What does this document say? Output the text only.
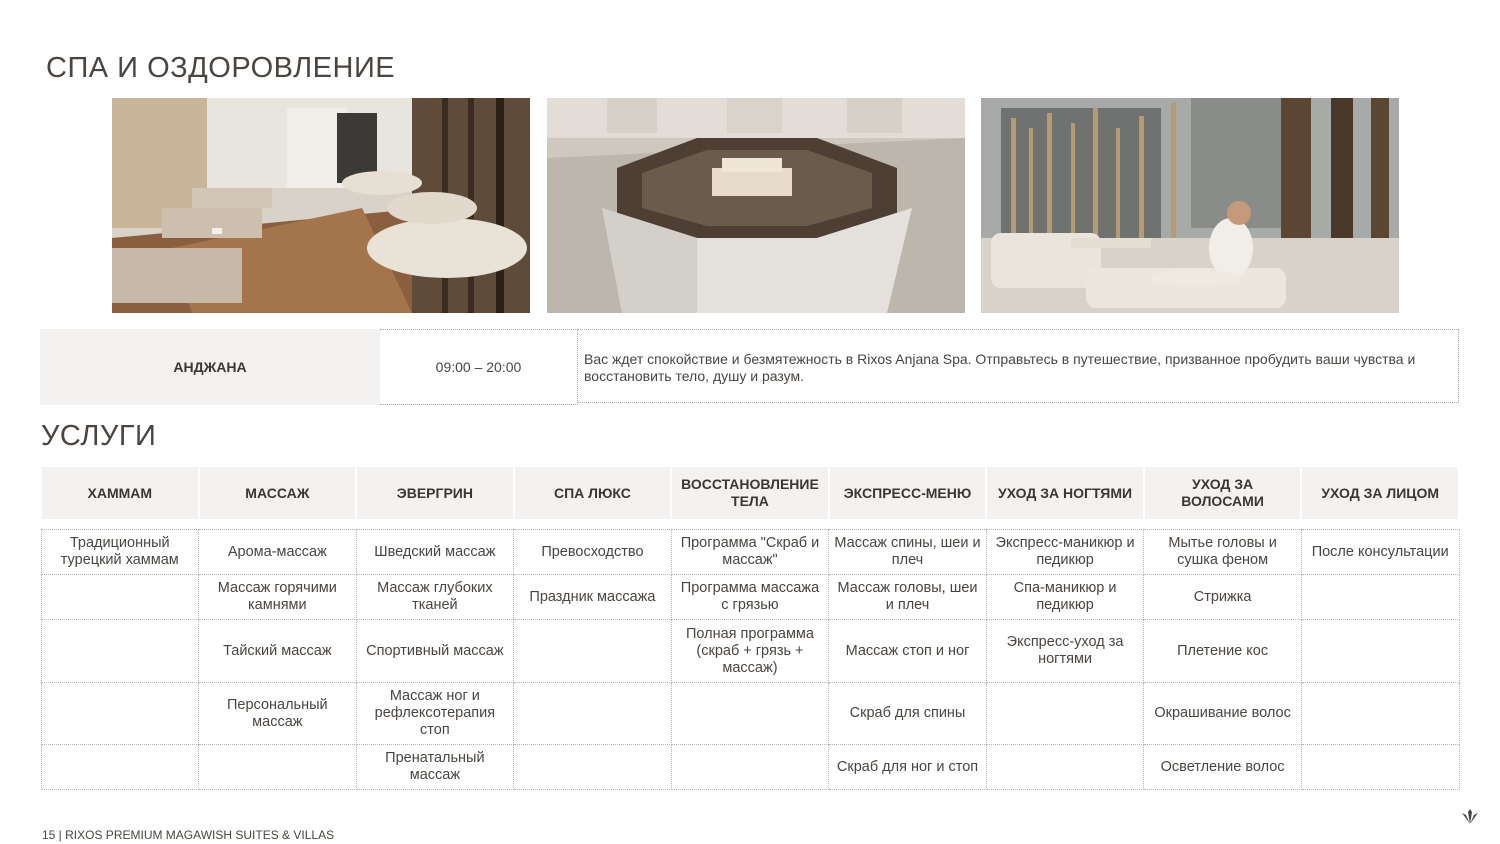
СПА И ОЗДОРОВЛЕНИЕ
АНДЖАНА	09:00 – 20:00	Вас ждет спокойствие и безмятежность в Rixos Anjana Spa. Отправьтесь в путешествие, призванное пробудить ваши чувства и восстановить тело, душу и разум.
УСЛУГИ
ХАММАМ	МАССАЖ	ЭВЕРГРИН	СПА ЛЮКС	ВОССТАНОВЛЕНИЕ ТЕЛА	ЭКСПРЕСС-МЕНЮ	УХОД ЗА НОГТЯМИ	УХОД ЗА ВОЛОСАМИ	УХОД ЗА ЛИЦОМ

Традиционный турецкий хаммам	Арома-массаж	Шведский массаж	Превосходство	Программа "Скраб и массаж"	Массаж спины, шеи и плеч	Экспресс-маникюр и педикюр	Мытье головы и сушка феном	После консультации
	Массаж горячими камнями	Массаж глубоких тканей	Праздник массажа	Программа массажа с грязью	Массаж головы, шеи и плеч	Спа-маникюр и педикюр	Стрижка	
	Тайский массаж	Спортивный массаж		Полная программа (скраб + грязь + массаж)	Массаж стоп и ног	Экспресс-уход за ногтями	Плетение кос	
	Персональный массаж	Массаж ног и рефлексотерапия стоп			Скраб для спины		Окрашивание волос	
		Пренатальный массаж			Скраб для ног и стоп		Осветление волос	
15 | RIXOS PREMIUM MAGAWISH SUITES & VILLAS
